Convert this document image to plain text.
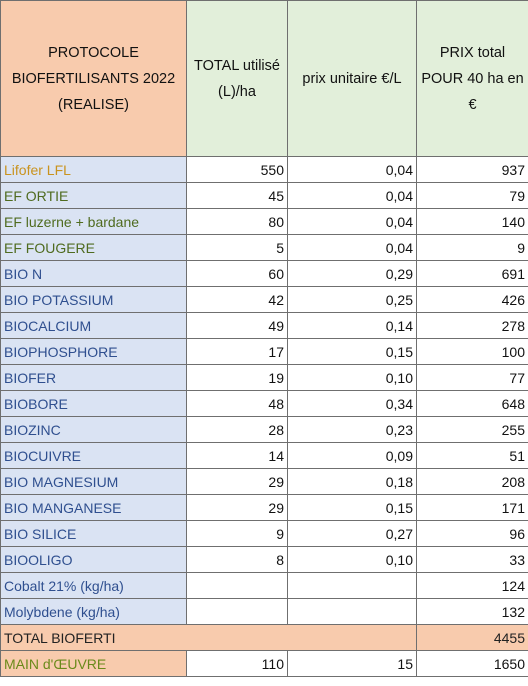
PROTOCOLE BIOFERTILISANTS 2022 (REALISE)	TOTAL utilisé (L)/ha	prix unitaire €/L	PRIX total POUR 40 ha en €
Lifofer LFL	550	0,04	937
EF ORTIE	45	0,04	79
EF luzerne + bardane	80	0,04	140
EF FOUGERE	5	0,04	9
BIO N	60	0,29	691
BIO POTASSIUM	42	0,25	426
BIOCALCIUM	49	0,14	278
BIOPHOSPHORE	17	0,15	100
BIOFER	19	0,10	77
BIOBORE	48	0,34	648
BIOZINC	28	0,23	255
BIOCUIVRE	14	0,09	51
BIO MAGNESIUM	29	0,18	208
BIO MANGANESE	29	0,15	171
BIO SILICE	9	0,27	96
BIOOLIGO	8	0,10	33
Cobalt 21% (kg/ha)			124
Molybdene (kg/ha)			132
TOTAL BIOFERTI			4455
MAIN d'ŒUVRE	110	15	1650
